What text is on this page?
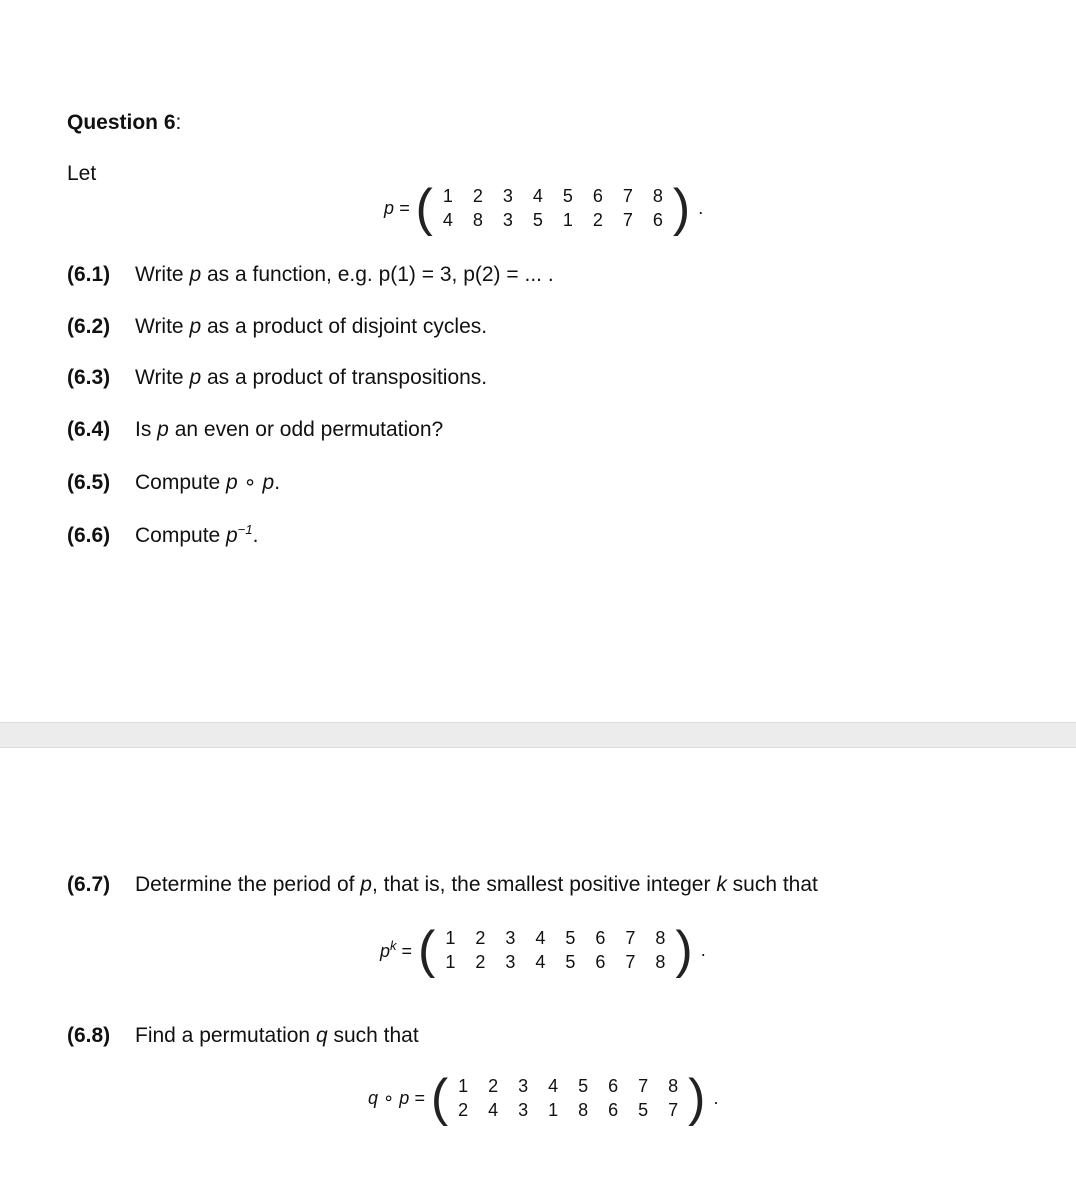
Question 6:
Let
p = ( 1	2	3	4	5	6	7	8
4	8	3	5	1	2	7	6 ) .
(6.1) Write p as a function, e.g. p(1) = 3, p(2) = ... .
(6.2) Write p as a product of disjoint cycles.
(6.3) Write p as a product of transpositions.
(6.4) Is p an even or odd permutation?
(6.5) Compute p ∘ p.
(6.6) Compute $p^{-1}$.
(6.7) Determine the period of p, that is, the smallest positive integer k such that
$p^k$ = ( 1	2	3	4	5	6	7	8
1	2	3	4	5	6	7	8 ) .
(6.8) Find a permutation q such that
q ∘ p = ( 1	2	3	4	5	6	7	8
2	4	3	1	8	6	5	7 ) .
